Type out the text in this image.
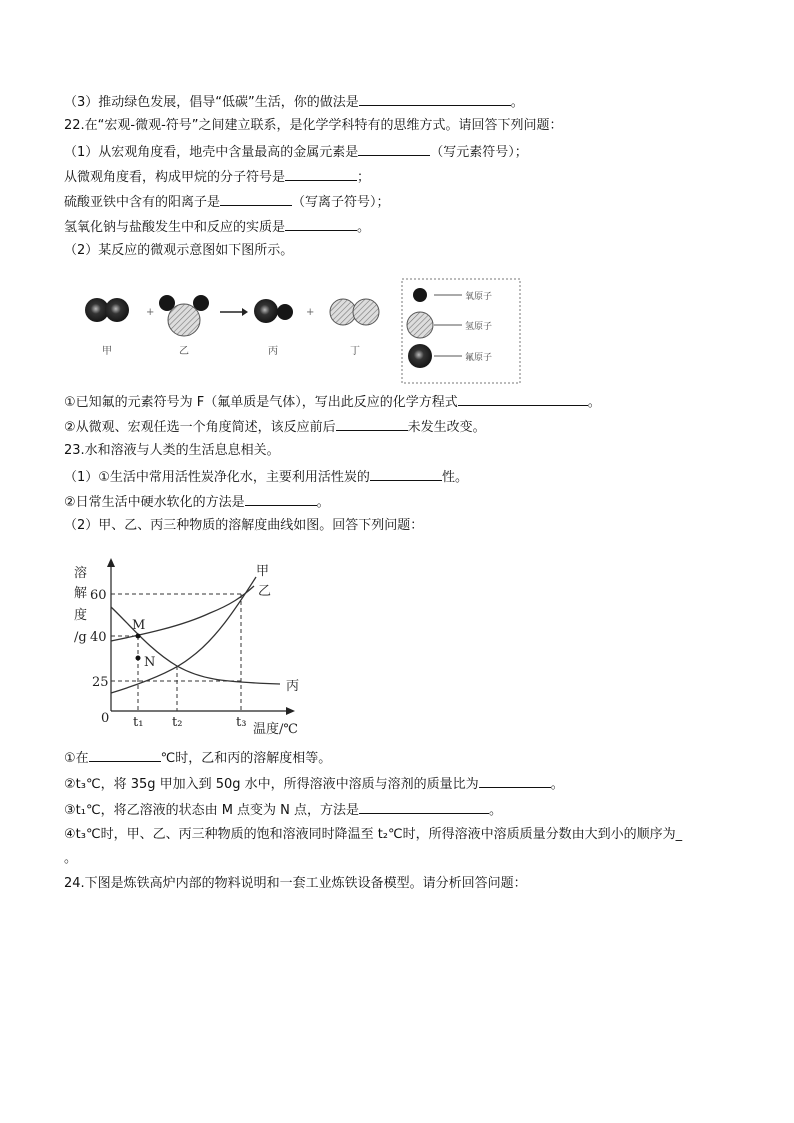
（3）推动绿色发展，倡导“低碳”生活，你的做法是	。
22.在“宏观-微观-符号”之间建立联系，是化学学科特有的思维方式。请回答下列问题：
（1）从宏观角度看，地壳中含量最高的金属元素是	（写元素符号）；
从微观角度看，构成甲烷的分子符号是	；
硫酸亚铁中含有的阳离子是	（写离子符号）；
氢氧化钠与盐酸发生中和反应的实质是	。
（2）某反应的微观示意图如下图所示。
+	+
甲	乙	丙	丁
氧原子
氢原子
氟原子
①已知氟的元素符号为 F（氟单质是气体），写出此反应的化学方程式	。
②从微观、宏观任选一个角度简述，该反应前后	未发生改变。
23.水和溶液与人类的生活息息相关。
（1）①生活中常用活性炭净化水，主要利用活性炭的	性。
②日常生活中硬水软化的方法是	。
（2）甲、乙、丙三种物质的溶解度曲线如图。回答下列问题：
溶
解
度
/g
60
40
25
0 t₁ t₂	t₃ 温度/℃
甲
乙
丙
M
N
①在	℃时，乙和丙的溶解度相等。
②t₃℃，将 35g 甲加入到 50g 水中，所得溶液中溶质与溶剂的质量比为	。
③t₁℃，将乙溶液的状态由 M 点变为 N 点，方法是	。
④t₃℃时，甲、乙、丙三种物质的饱和溶液同时降温至 t₂℃时，所得溶液中溶质质量分数由大到小的顺序为_
。
24.下图是炼铁高炉内部的物料说明和一套工业炼铁设备模型。请分析回答问题：
